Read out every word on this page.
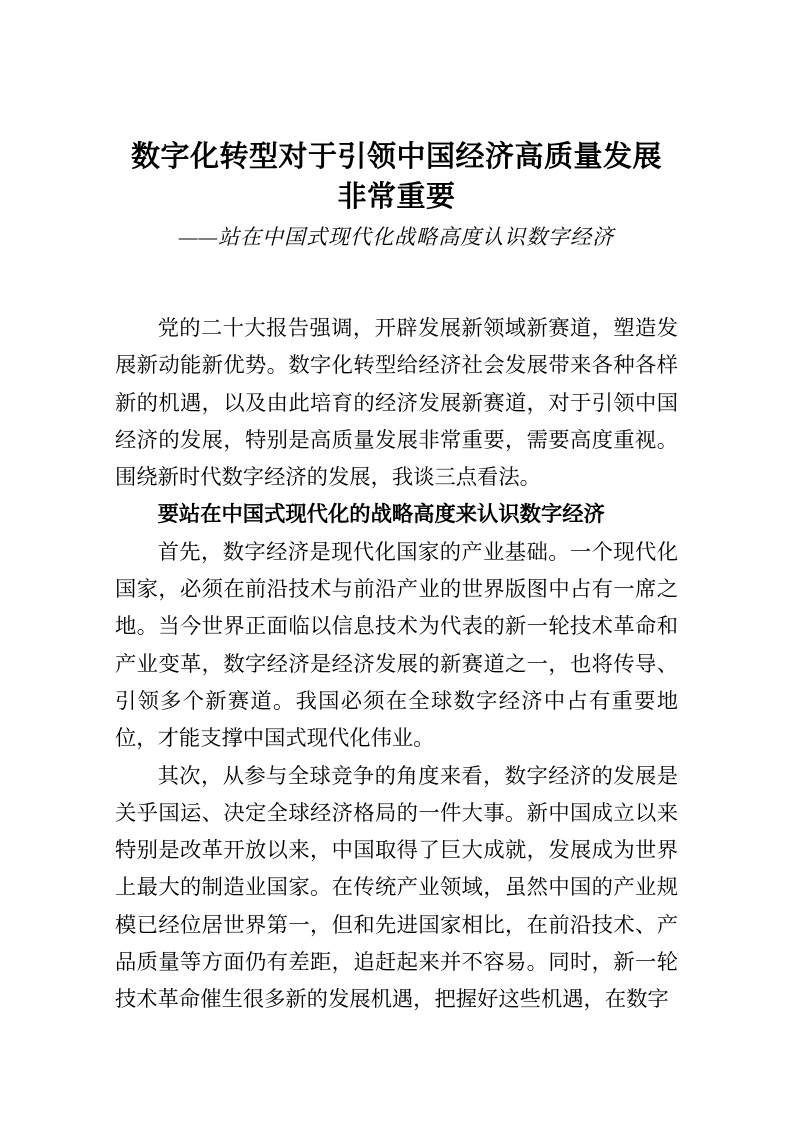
数字化转型对于引领中国经济高质量发展
非常重要
——站在中国式现代化战略高度认识数字经济

党的二十大报告强调，开辟发展新领域新赛道，塑造发展新动能新优势。数字化转型给经济社会发展带来各种各样新的机遇，以及由此培育的经济发展新赛道，对于引领中国经济的发展，特别是高质量发展非常重要，需要高度重视。围绕新时代数字经济的发展，我谈三点看法。

要站在中国式现代化的战略高度来认识数字经济

首先，数字经济是现代化国家的产业基础。一个现代化国家，必须在前沿技术与前沿产业的世界版图中占有一席之地。当今世界正面临以信息技术为代表的新一轮技术革命和产业变革，数字经济是经济发展的新赛道之一，也将传导、引领多个新赛道。我国必须在全球数字经济中占有重要地位，才能支撑中国式现代化伟业。

其次，从参与全球竞争的角度来看，数字经济的发展是关乎国运、决定全球经济格局的一件大事。新中国成立以来特别是改革开放以来，中国取得了巨大成就，发展成为世界上最大的制造业国家。在传统产业领域，虽然中国的产业规模已经位居世界第一，但和先进国家相比，在前沿技术、产品质量等方面仍有差距，追赶起来并不容易。同时，新一轮技术革命催生很多新的发展机遇，把握好这些机遇，在数字
